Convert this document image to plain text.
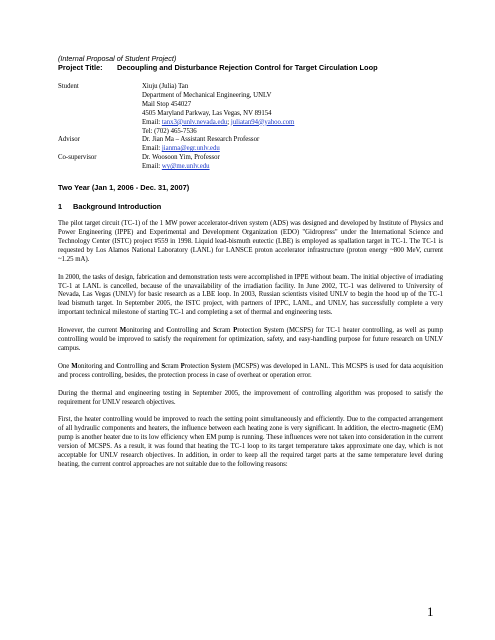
(Internal Proposal of Student Project)
Project Title:	Decoupling and Disturbance Rejection Control for Target Circulation Loop
Student	Xiuju (Julia) Tan
Department of Mechanical Engineering, UNLV
Mail Stop 454027
4505 Maryland Parkway, Las Vegas, NV 89154
Email: tanx3@unlv.nevada.edu; juliatan94@yahoo.com
Tel: (702) 465-7536
Advisor	Dr. Jian Ma – Assistant Research Professor
Email: jianma@egr.unlv.edu
Co-supervisor	Dr. Woosoon Yim, Professor
Email: wy@me.unlv.edu
Two Year (Jan 1, 2006 - Dec. 31, 2007)
1	Background Introduction
The pilot target circuit (TC-1) of the 1 MW power accelerator-driven system (ADS) was designed and developed by Institute of Physics and Power Engineering (IPPE) and Experimental and Development Organization (EDO) "Gidropress" under the International Science and Technology Center (ISTC) project #559 in 1998. Liquid lead-bismuth eutectic (LBE) is employed as spallation target in TC-1. The TC-1 is requested by Los Alamos National Laboratory (LANL) for LANSCE proton accelerator infrastructure (proton energy ~800 MeV, current ~1.25 mA).
In 2000, the tasks of design, fabrication and demonstration tests were accomplished in IPPE without beam. The initial objective of irradiating TC-1 at LANL is cancelled, because of the unavailability of the irradiation facility. In June 2002, TC-1 was delivered to University of Nevada, Las Vegas (UNLV) for basic research as a LBE loop. In 2003, Russian scientists visited UNLV to begin the hood up of the TC-1 lead bismuth target. In September 2005, the ISTC project, with partners of IPPC, LANL, and UNLV, has successfully complete a very important technical milestone of starting TC-1 and completing a set of thermal and engineering tests.
However, the current Monitoring and Controlling and Scram Protection System (MCSPS) for TC-1 heater controlling, as well as pump controlling would be improved to satisfy the requirement for optimization, safety, and easy-handling purpose for future research on UNLV campus.
One Monitoring and Controlling and Scram Protection System (MCSPS) was developed in LANL. This MCSPS is used for data acquisition and process controlling, besides, the protection process in case of overheat or operation error.
During the thermal and engineering testing in September 2005, the improvement of controlling algorithm was proposed to satisfy the requirement for UNLV research objectives.
First, the heater controlling would be improved to reach the setting point simultaneously and efficiently. Due to the compacted arrangement of all hydraulic components and heaters, the influence between each heating zone is very significant. In addition, the electro-magnetic (EM) pump is another heater due to its low efficiency when EM pump is running. These influences were not taken into consideration in the current version of MCSPS. As a result, it was found that heating the TC-1 loop to its target temperature takes approximate one day, which is not acceptable for UNLV research objectives. In addition, in order to keep all the required target parts at the same temperature level during heating, the current control approaches are not suitable due to the following reasons:
1
